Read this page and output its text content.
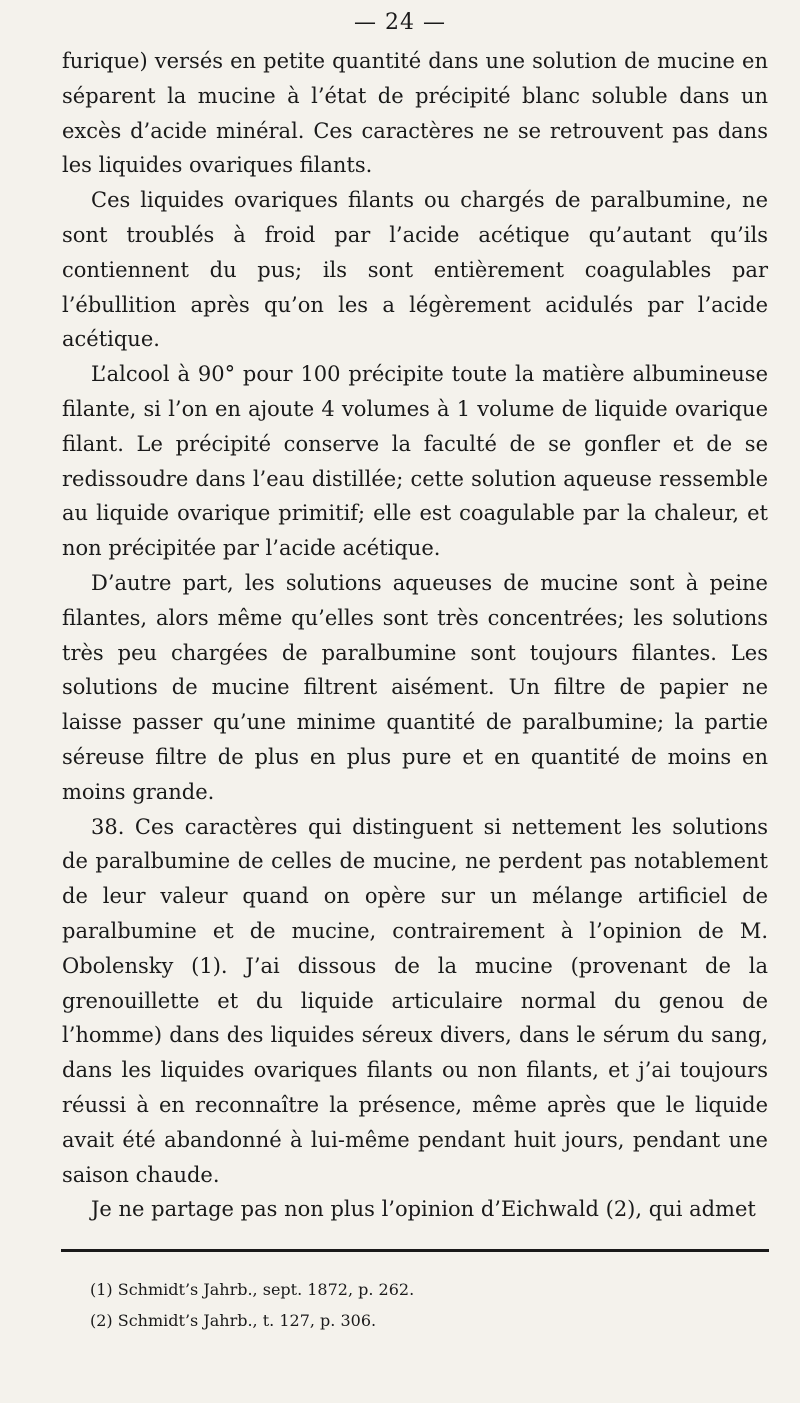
— 24 —

furique) versés en petite quantité dans une solution de mucine en séparent la mucine à l’état de précipité blanc soluble dans un excès d’acide minéral. Ces caractères ne se retrouvent pas dans les liquides ovariques filants.

Ces liquides ovariques filants ou chargés de paralbumine, ne sont troublés à froid par l’acide acétique qu’autant qu’ils contiennent du pus; ils sont entièrement coagulables par l’ébullition après qu’on les a légèrement acidulés par l’acide acétique.

L’alcool à 90° pour 100 précipite toute la matière albumineuse filante, si l’on en ajoute 4 volumes à 1 volume de liquide ovarique filant. Le précipité conserve la faculté de se gonfler et de se redissoudre dans l’eau distillée; cette solution aqueuse ressemble au liquide ovarique primitif; elle est coagulable par la chaleur, et non précipitée par l’acide acétique.

D’autre part, les solutions aqueuses de mucine sont à peine filantes, alors même qu’elles sont très concentrées; les solutions très peu chargées de paralbumine sont toujours filantes. Les solutions de mucine filtrent aisément. Un filtre de papier ne laisse passer qu’une minime quantité de paralbumine; la partie séreuse filtre de plus en plus pure et en quantité de moins en moins grande.

38. Ces caractères qui distinguent si nettement les solutions de paralbumine de celles de mucine, ne perdent pas notablement de leur valeur quand on opère sur un mélange artificiel de paralbumine et de mucine, contrairement à l’opinion de M. Obolensky (1). J’ai dissous de la mucine (provenant de la grenouillette et du liquide articulaire normal du genou de l’homme) dans des liquides séreux divers, dans le sérum du sang, dans les liquides ovariques filants ou non filants, et j’ai toujours réussi à en reconnaître la présence, même après que le liquide avait été abandonné à lui-même pendant huit jours, pendant une saison chaude.

Je ne partage pas non plus l’opinion d’Eichwald (2), qui admet

(1) Schmidt’s Jahrb., sept. 1872, p. 262.
(2) Schmidt’s Jahrb., t. 127, p. 306.
